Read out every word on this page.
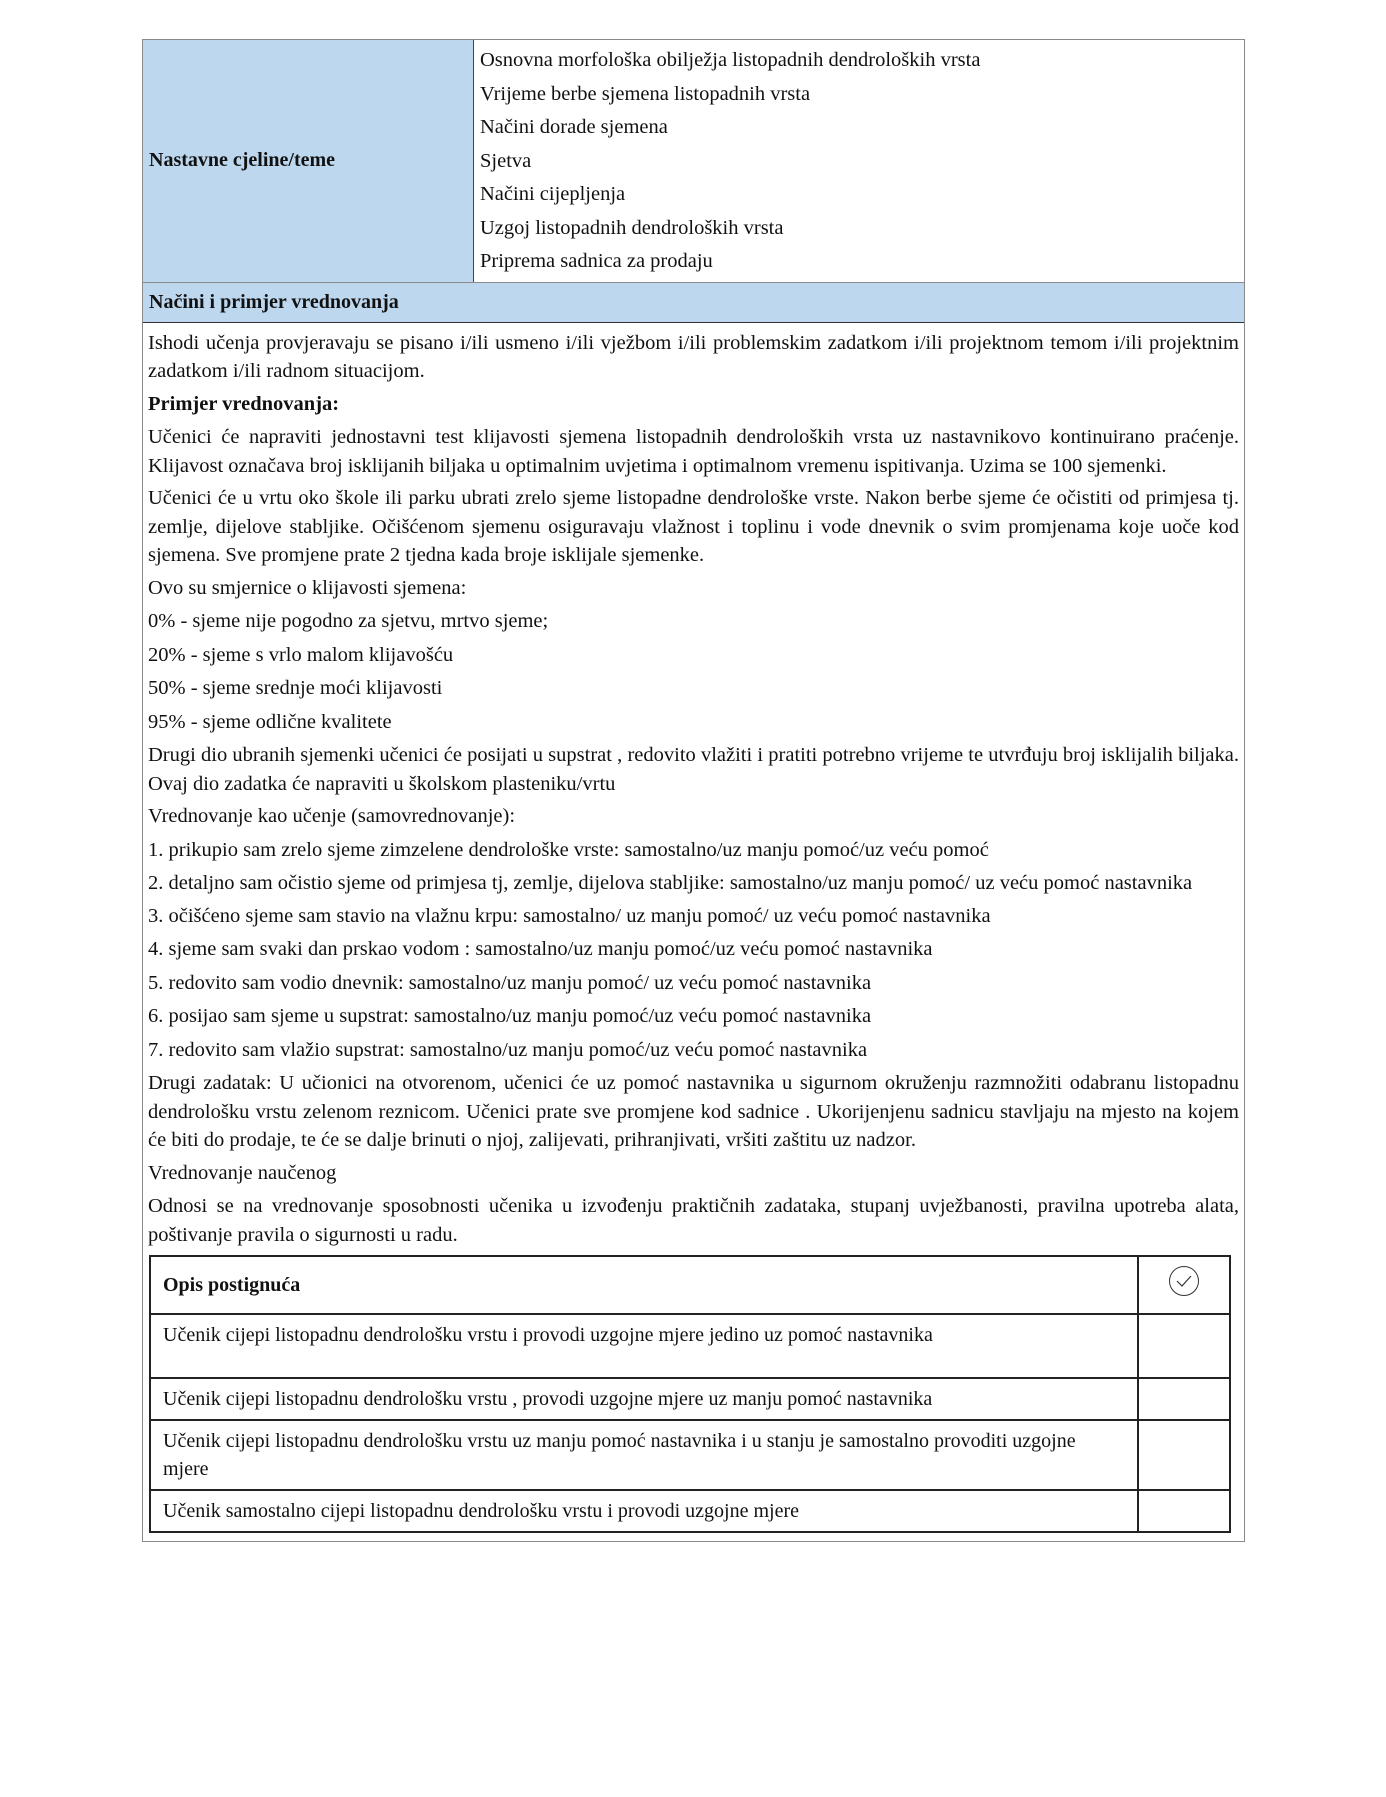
Nastavne cjeline/teme
Osnovna morfološka obilježja listopadnih dendroloških vrsta
Vrijeme berbe sjemena listopadnih vrsta
Načini dorade sjemena
Sjetva
Načini cijepljenja
Uzgoj listopadnih dendroloških vrsta
Priprema sadnica za prodaju
Načini i primjer vrednovanja
Ishodi učenja provjeravaju se pisano i/ili usmeno i/ili vježbom i/ili problemskim zadatkom i/ili projektnom temom i/ili projektnim zadatkom i/ili radnom situacijom.
Primjer vrednovanja:
Učenici će napraviti jednostavni test klijavosti sjemena listopadnih dendroloških vrsta uz nastavnikovo kontinuirano praćenje. Klijavost označava broj isklijanih biljaka u optimalnim uvjetima i optimalnom vremenu ispitivanja. Uzima se 100 sjemenki.
Učenici će u vrtu oko škole ili parku ubrati zrelo sjeme listopadne dendrološke vrste. Nakon berbe sjeme će očistiti od primjesa tj. zemlje, dijelove stabljike. Očišćenom sjemenu osiguravaju vlažnost i toplinu i vode dnevnik o svim promjenama koje uoče kod sjemena. Sve promjene prate 2 tjedna kada broje isklijale sjemenke.
Ovo su smjernice o klijavosti sjemena:
0% - sjeme nije pogodno za sjetvu, mrtvo sjeme;
20% - sjeme s vrlo malom klijavošću
50% - sjeme srednje moći klijavosti
95% - sjeme odlične kvalitete
Drugi dio ubranih sjemenki učenici će posijati u supstrat , redovito vlažiti i pratiti potrebno vrijeme te utvrđuju broj isklijalih biljaka. Ovaj dio zadatka će napraviti u školskom plasteniku/vrtu
Vrednovanje kao učenje (samovrednovanje):
1. prikupio sam zrelo sjeme zimzelene dendrološke vrste: samostalno/uz manju pomoć/uz veću pomoć
2. detaljno sam očistio sjeme od primjesa tj, zemlje, dijelova stabljike: samostalno/uz manju pomoć/ uz veću pomoć nastavnika
3. očišćeno sjeme sam stavio na vlažnu krpu: samostalno/ uz manju pomoć/ uz veću pomoć nastavnika
4. sjeme sam svaki dan prskao vodom : samostalno/uz manju pomoć/uz veću pomoć nastavnika
5. redovito sam vodio dnevnik: samostalno/uz manju pomoć/ uz veću pomoć nastavnika
6. posijao sam sjeme u supstrat: samostalno/uz manju pomoć/uz veću pomoć nastavnika
7. redovito sam vlažio supstrat: samostalno/uz manju pomoć/uz veću pomoć nastavnika
Drugi zadatak: U učionici na otvorenom, učenici će uz pomoć nastavnika u sigurnom okruženju razmnožiti odabranu listopadnu dendrološku vrstu zelenom reznicom. Učenici prate sve promjene kod sadnice . Ukorijenjenu sadnicu stavljaju na mjesto na kojem će biti do prodaje, te će se dalje brinuti o njoj, zalijevati, prihranjivati, vršiti zaštitu uz nadzor.
Vrednovanje naučenog
Odnosi se na vrednovanje sposobnosti učenika u izvođenju praktičnih zadataka, stupanj uvježbanosti, pravilna upotreba alata, poštivanje pravila o sigurnosti u radu.
Opis postignuća	

Učenik cijepi listopadnu dendrološku vrstu i provodi uzgojne mjere jedino uz pomoć nastavnika	
Učenik cijepi listopadnu dendrološku vrstu , provodi uzgojne mjere uz manju pomoć nastavnika	
Učenik cijepi listopadnu dendrološku vrstu uz manju pomoć nastavnika i u stanju je samostalno provoditi uzgojne mjere	
Učenik samostalno cijepi listopadnu dendrološku vrstu i provodi uzgojne mjere	
